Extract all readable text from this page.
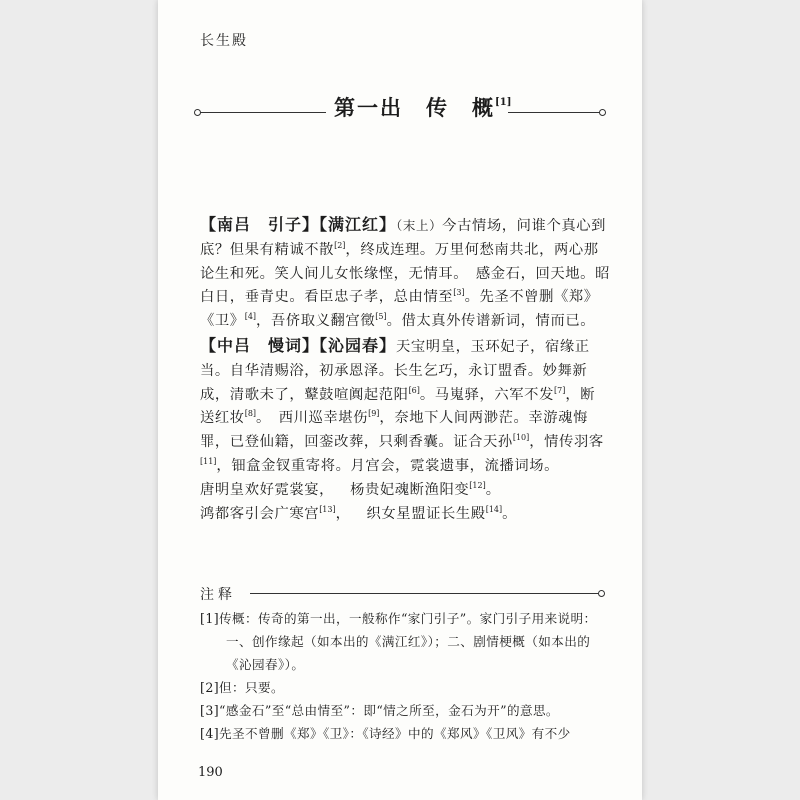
长生殿
第一出　传　概[1]

【南吕　引子】【满江红】（末上）今古情场，问谁个真心到底？但果有精诚不散[2]，终成连理。万里何愁南共北，两心那论生和死。笑人间儿女怅缘悭，无情耳。　感金石，回天地。昭白日，垂青史。看臣忠子孝，总由情至[3]。先圣不曾删《郑》《卫》[4]，吾侪取义翻宫徵[5]。借太真外传谱新词，情而已。

【中吕　慢词】【沁园春】天宝明皇，玉环妃子，宿缘正当。自华清赐浴，初承恩泽。长生乞巧，永订盟香。妙舞新成，清歌未了，鼙鼓喧阗起范阳[6]。马嵬驿，六军不发[7]，断送红妆[8]。　西川巡幸堪伤[9]，奈地下人间两渺茫。幸游魂悔罪，已登仙籍，回銮改葬，只剩香囊。证合天孙[10]，情传羽客[11]，钿盒金钗重寄将。月宫会，霓裳遗事，流播词场。

唐明皇欢好霓裳宴， 杨贵妃魂断渔阳变[12]。

鸿都客引会广寒宫[13]， 织女星盟证长生殿[14]。

注释

[1]传概：传奇的第一出，一般称作“家门引子”。家门引子用来说明：一、创作缘起（如本出的《满江红》）；二、剧情梗概（如本出的《沁园春》）。

[2]但：只要。

[3]“感金石”至“总由情至”：即“情之所至，金石为开”的意思。

[4]先圣不曾删《郑》《卫》：《诗经》中的《郑风》《卫风》有不少

190
